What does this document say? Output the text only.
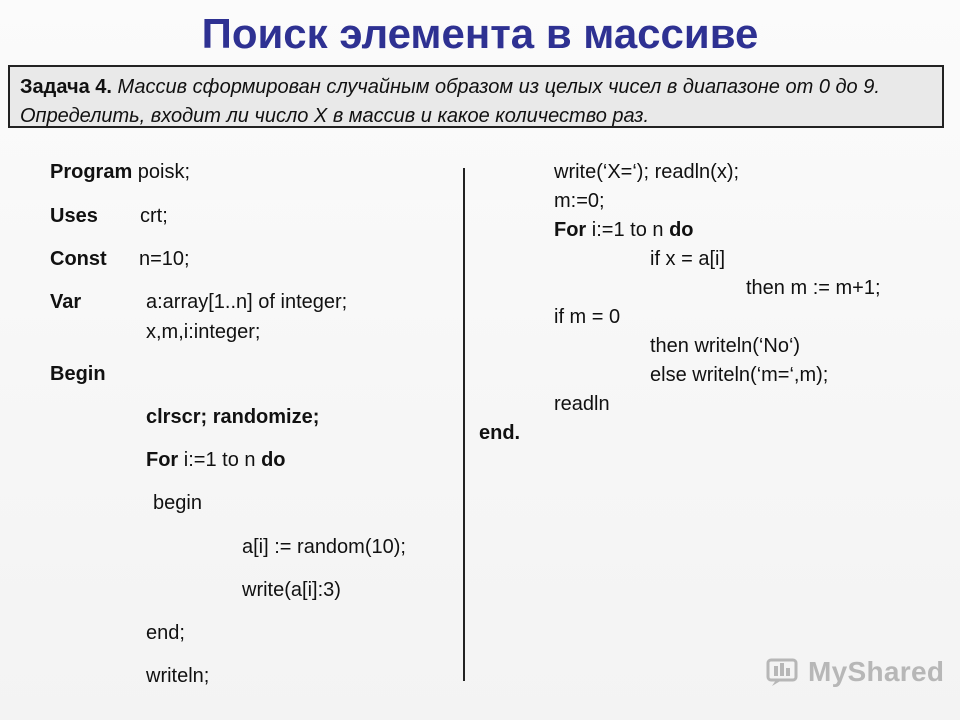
Поиск элемента в массиве
Задача 4. Массив сформирован случайным образом из целых чисел в диапазоне от 0 до 9. Определить, входит ли число X в массив и какое количество раз.
Program poisk;
Uses crt;
Const n=10;
Var	a:array[1..n] of integer;
x,m,i:integer;
Begin
clrscr; randomize;
For i:=1 to n do
begin
a[i] := random(10);
write(a[i]:3)
end;
writeln;
write(‘X=‘); readln(x);
m:=0;
For i:=1 to n do
if x = a[i]
then m := m+1;
if m = 0
then writeln(‘No‘)
else writeln(‘m=‘,m);
readln
end.
MyShared
